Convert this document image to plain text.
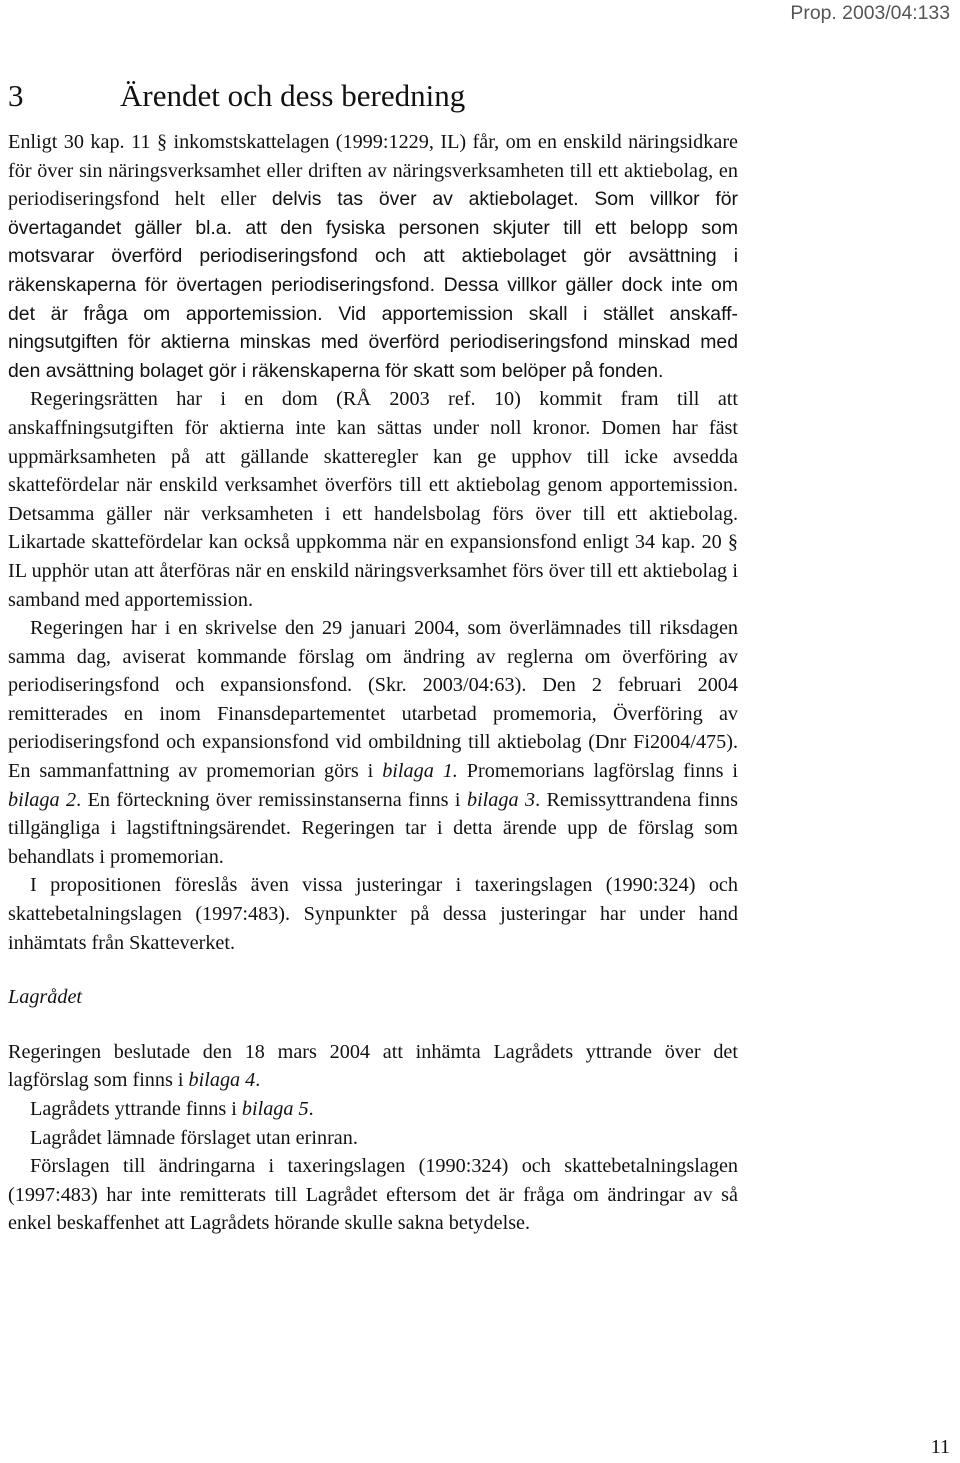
Prop. 2003/04:133
3	Ärendet och dess beredning

Enligt 30 kap. 11 § inkomstskattelagen (1999:1229, IL) får, om en enskild näringsidkare för över sin näringsverksamhet eller driften av näringsverksamheten till ett aktiebolag, en periodiseringsfond helt eller delvis tas över av aktiebolaget. Som villkor för övertagandet gäller bl.a. att den fysiska personen skjuter till ett belopp som motsvarar överförd periodiseringsfond och att aktiebolaget gör avsättning i räkenskaperna för övertagen periodiseringsfond. Dessa villkor gäller dock inte om det är fråga om apportemission. Vid apportemission skall i stället anskaffningsutgiften för aktierna minskas med överförd periodiseringsfond minskad med den avsättning bolaget gör i räkenskaperna för skatt som belöper på fonden.

Regeringsrätten har i en dom (RÅ 2003 ref. 10) kommit fram till att anskaffningsutgiften för aktierna inte kan sättas under noll kronor. Domen har fäst uppmärksamheten på att gällande skatteregler kan ge upphov till icke avsedda skattefördelar när enskild verksamhet överförs till ett aktiebolag genom apportemission. Detsamma gäller när verksamheten i ett handelsbolag förs över till ett aktiebolag. Likartade skattefördelar kan också uppkomma när en expansionsfond enligt 34 kap. 20 § IL upphör utan att återföras när en enskild näringsverksamhet förs över till ett aktiebolag i samband med apportemission.

Regeringen har i en skrivelse den 29 januari 2004, som överlämnades till riksdagen samma dag, aviserat kommande förslag om ändring av reglerna om överföring av periodiseringsfond och expansionsfond. (Skr. 2003/04:63). Den 2 februari 2004 remitterades en inom Finansdepartementet utarbetad promemoria, Överföring av periodiseringsfond och expansionsfond vid ombildning till aktiebolag (Dnr Fi2004/475). En sammanfattning av promemorian görs i bilaga 1. Promemorians lagförslag finns i bilaga 2. En förteckning över remissinstanserna finns i bilaga 3. Remissyttrandena finns tillgängliga i lagstiftningsärendet. Regeringen tar i detta ärende upp de förslag som behandlats i promemorian.

I propositionen föreslås även vissa justeringar i taxeringslagen (1990:324) och skattebetalningslagen (1997:483). Synpunkter på dessa justeringar har under hand inhämtats från Skatteverket.

Lagrådet

Regeringen beslutade den 18 mars 2004 att inhämta Lagrådets yttrande över det lagförslag som finns i bilaga 4.

Lagrådets yttrande finns i bilaga 5.

Lagrådet lämnade förslaget utan erinran.

Förslagen till ändringarna i taxeringslagen (1990:324) och skattebetalningslagen (1997:483) har inte remitterats till Lagrådet eftersom det är fråga om ändringar av så enkel beskaffenhet att Lagrådets hörande skulle sakna betydelse.

11
